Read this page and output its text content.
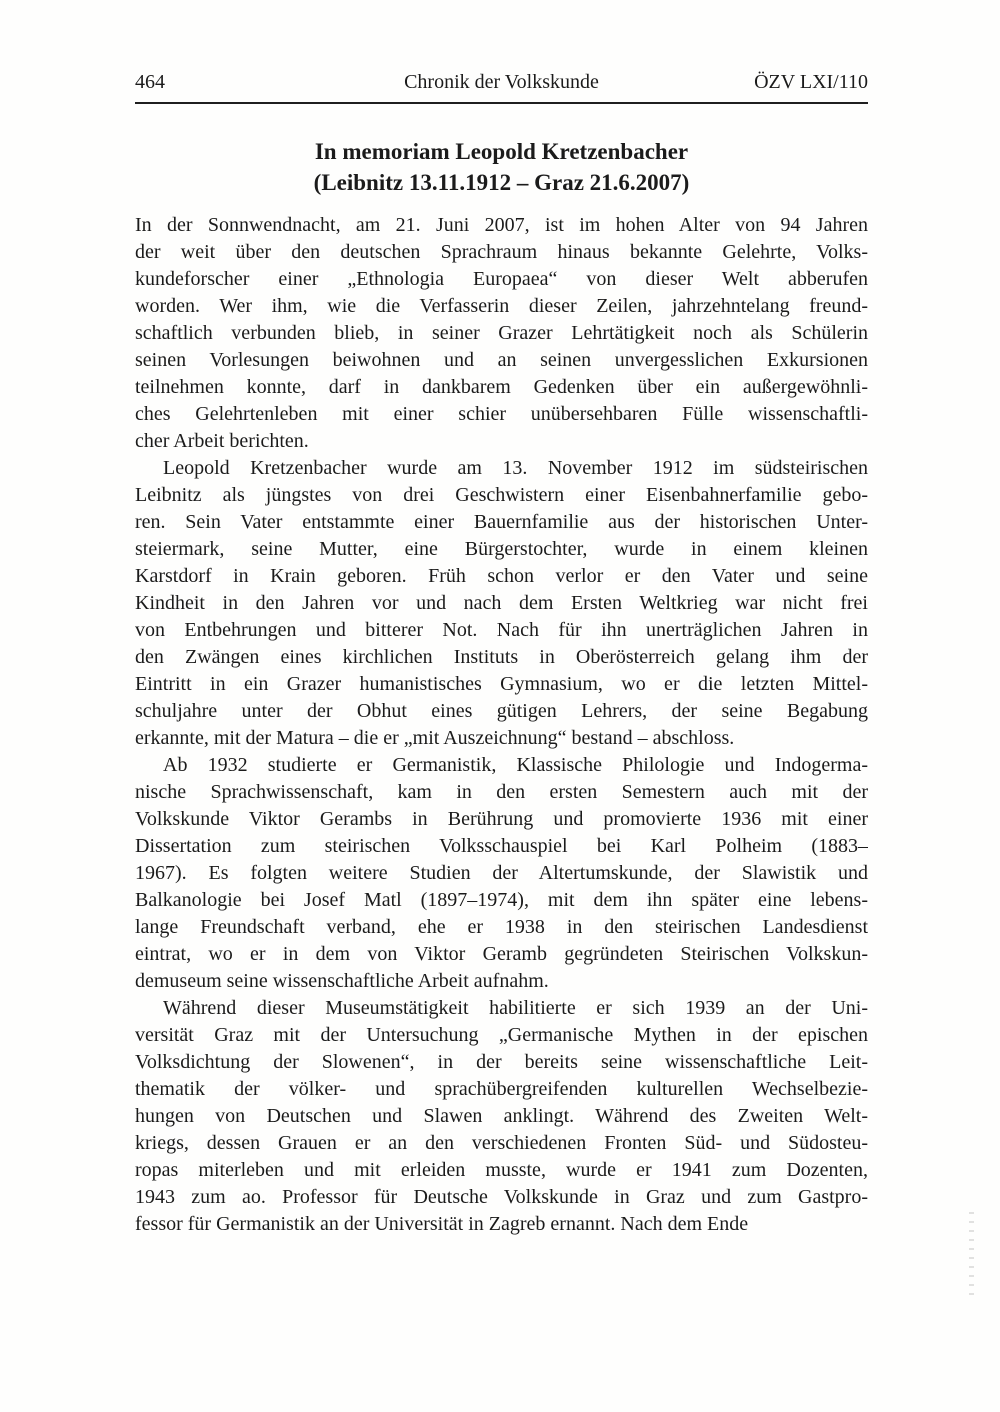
464	Chronik der Volkskunde	ÖZV LXI/110
In memoriam Leopold Kretzenbacher
(Leibnitz 13.11.1912 – Graz 21.6.2007)
In der Sonnwendnacht, am 21. Juni 2007, ist im hohen Alter von 94 Jahren
der weit über den deutschen Sprachraum hinaus bekannte Gelehrte, Volks-
kundeforscher einer „Ethnologia Europaea“ von dieser Welt abberufen
worden. Wer ihm, wie die Verfasserin dieser Zeilen, jahrzehntelang freund-
schaftlich verbunden blieb, in seiner Grazer Lehrtätigkeit noch als Schülerin
seinen Vorlesungen beiwohnen und an seinen unvergesslichen Exkursionen
teilnehmen konnte, darf in dankbarem Gedenken über ein außergewöhnli-
ches Gelehrtenleben mit einer schier unübersehbaren Fülle wissenschaftli-
cher Arbeit berichten.
Leopold Kretzenbacher wurde am 13. November 1912 im südsteirischen
Leibnitz als jüngstes von drei Geschwistern einer Eisenbahnerfamilie gebo-
ren. Sein Vater entstammte einer Bauernfamilie aus der historischen Unter-
steiermark, seine Mutter, eine Bürgerstochter, wurde in einem kleinen
Karstdorf in Krain geboren. Früh schon verlor er den Vater und seine
Kindheit in den Jahren vor und nach dem Ersten Weltkrieg war nicht frei
von Entbehrungen und bitterer Not. Nach für ihn unerträglichen Jahren in
den Zwängen eines kirchlichen Instituts in Oberösterreich gelang ihm der
Eintritt in ein Grazer humanistisches Gymnasium, wo er die letzten Mittel-
schuljahre unter der Obhut eines gütigen Lehrers, der seine Begabung
erkannte, mit der Matura – die er „mit Auszeichnung“ bestand – abschloss.
Ab 1932 studierte er Germanistik, Klassische Philologie und Indogerma-
nische Sprachwissenschaft, kam in den ersten Semestern auch mit der
Volkskunde Viktor Gerambs in Berührung und promovierte 1936 mit einer
Dissertation zum steirischen Volksschauspiel bei Karl Polheim (1883–
1967). Es folgten weitere Studien der Altertumskunde, der Slawistik und
Balkanologie bei Josef Matl (1897–1974), mit dem ihn später eine lebens-
lange Freundschaft verband, ehe er 1938 in den steirischen Landesdienst
eintrat, wo er in dem von Viktor Geramb gegründeten Steirischen Volkskun-
demuseum seine wissenschaftliche Arbeit aufnahm.
Während dieser Museumstätigkeit habilitierte er sich 1939 an der Uni-
versität Graz mit der Untersuchung „Germanische Mythen in der epischen
Volksdichtung der Slowenen“, in der bereits seine wissenschaftliche Leit-
thematik der völker- und sprachübergreifenden kulturellen Wechselbezie-
hungen von Deutschen und Slawen anklingt. Während des Zweiten Welt-
kriegs, dessen Grauen er an den verschiedenen Fronten Süd- und Südosteu-
ropas miterleben und mit erleiden musste, wurde er 1941 zum Dozenten,
1943 zum ao. Professor für Deutsche Volkskunde in Graz und zum Gastpro-
fessor für Germanistik an der Universität in Zagreb ernannt. Nach dem Ende
